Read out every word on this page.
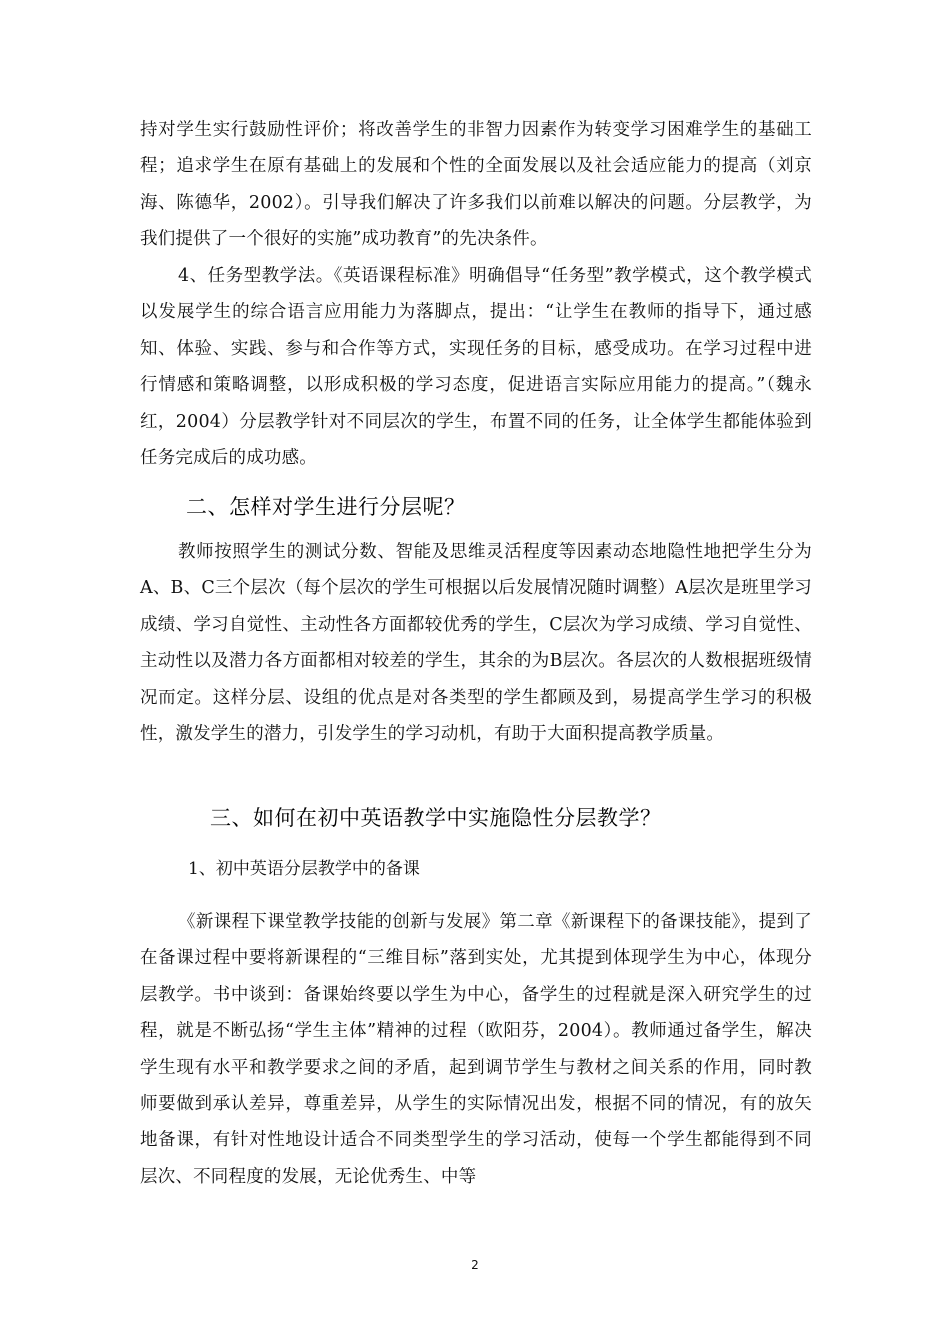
持对学生实行鼓励性评价；将改善学生的非智力因素作为转变学习困难学生的基础工程；追求学生在原有基础上的发展和个性的全面发展以及社会适应能力的提高（刘京海、陈德华，2002）。引导我们解决了许多我们以前难以解决的问题。分层教学，为我们提供了一个很好的实施”成功教育”的先决条件。

4、任务型教学法。《英语课程标准》明确倡导“任务型”教学模式，这个教学模式以发展学生的综合语言应用能力为落脚点，提出：“让学生在教师的指导下，通过感知、体验、实践、参与和合作等方式，实现任务的目标，感受成功。在学习过程中进行情感和策略调整，以形成积极的学习态度，促进语言实际应用能力的提高。”（魏永红，2004）分层教学针对不同层次的学生，布置不同的任务，让全体学生都能体验到任务完成后的成功感。

二、怎样对学生进行分层呢？

教师按照学生的测试分数、智能及思维灵活程度等因素动态地隐性地把学生分为A、B、C三个层次（每个层次的学生可根据以后发展情况随时调整）A层次是班里学习成绩、学习自觉性、主动性各方面都较优秀的学生，C层次为学习成绩、学习自觉性、主动性以及潜力各方面都相对较差的学生，其余的为B层次。各层次的人数根据班级情况而定。这样分层、设组的优点是对各类型的学生都顾及到，易提高学生学习的积极性，激发学生的潜力，引发学生的学习动机，有助于大面积提高教学质量。

三、如何在初中英语教学中实施隐性分层教学？

1、初中英语分层教学中的备课

《新课程下课堂教学技能的创新与发展》第二章《新课程下的备课技能》，提到了在备课过程中要将新课程的“三维目标”落到实处，尤其提到体现学生为中心，体现分层教学。书中谈到：备课始终要以学生为中心，备学生的过程就是深入研究学生的过程，就是不断弘扬“学生主体”精神的过程（欧阳芬，2004）。教师通过备学生，解决学生现有水平和教学要求之间的矛盾，起到调节学生与教材之间关系的作用，同时教师要做到承认差异，尊重差异，从学生的实际情况出发，根据不同的情况，有的放矢地备课，有针对性地设计适合不同类型学生的学习活动，使每一个学生都能得到不同层次、不同程度的发展，无论优秀生、中等

2
